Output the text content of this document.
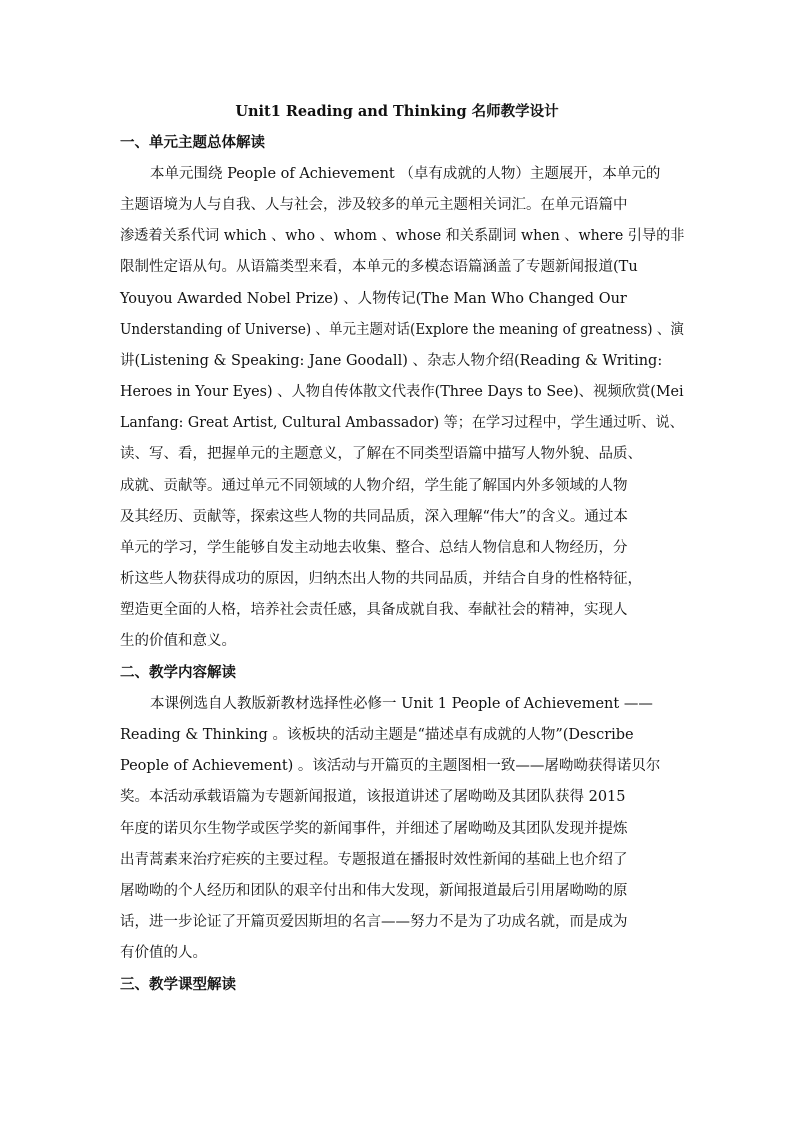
Unit1 Reading and Thinking 名师教学设计
一、单元主题总体解读
本单元围绕 People of Achievement （卓有成就的人物）主题展开，本单元的
主题语境为人与自我、人与社会，涉及较多的单元主题相关词汇。在单元语篇中
渗透着关系代词 which 、who 、whom 、whose 和关系副词 when 、where 引导的非
限制性定语从句。从语篇类型来看，本单元的多模态语篇涵盖了专题新闻报道(Tu
Youyou Awarded Nobel Prize) 、人物传记(The Man Who Changed Our
Understanding of Universe) 、单元主题对话(Explore the meaning of greatness) 、演
讲(Listening & Speaking: Jane Goodall) 、杂志人物介绍(Reading & Writing:
Heroes in Your Eyes) 、人物自传体散文代表作(Three Days to See)、视频欣赏(Mei
Lanfang: Great Artist, Cultural Ambassador) 等；在学习过程中，学生通过听、说、
读、写、看，把握单元的主题意义，了解在不同类型语篇中描写人物外貌、品质、
成就、贡献等。通过单元不同领域的人物介绍，学生能了解国内外多领域的人物
及其经历、贡献等，探索这些人物的共同品质，深入理解“伟大”的含义。通过本
单元的学习，学生能够自发主动地去收集、整合、总结人物信息和人物经历，分
析这些人物获得成功的原因，归纳杰出人物的共同品质，并结合自身的性格特征，
塑造更全面的人格，培养社会责任感，具备成就自我、奉献社会的精神，实现人
生的价值和意义。
二、教学内容解读
本课例选自人教版新教材选择性必修一 Unit 1 People of Achievement ——
Reading & Thinking 。该板块的活动主题是“描述卓有成就的人物”(Describe
People of Achievement) 。该活动与开篇页的主题图相一致——屠呦呦获得诺贝尔
奖。本活动承载语篇为专题新闻报道，该报道讲述了屠呦呦及其团队获得 2015
年度的诺贝尔生物学或医学奖的新闻事件，并细述了屠呦呦及其团队发现并提炼
出青蒿素来治疗疟疾的主要过程。专题报道在播报时效性新闻的基础上也介绍了
屠呦呦的个人经历和团队的艰辛付出和伟大发现，新闻报道最后引用屠呦呦的原
话，进一步论证了开篇页爱因斯坦的名言——努力不是为了功成名就，而是成为
有价值的人。
三、教学课型解读
